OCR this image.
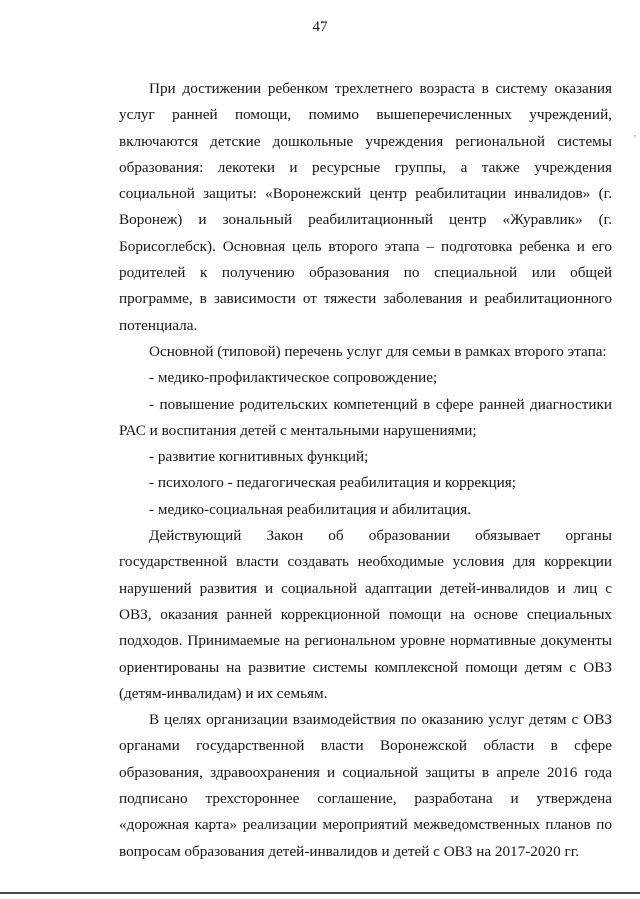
47
,

При достижении ребенком трехлетнего возраста в систему оказания услуг ранней помощи, помимо вышеперечисленных учреждений, включаются детские дошкольные учреждения региональной системы образования: лекотеки и ресурсные группы, а также учреждения социальной защиты: «Воронежский центр реабилитации инвалидов» (г. Воронеж) и зональный реабилитационный центр «Журавлик» (г. Борисоглебск). Основная цель второго этапа – подготовка ребенка и его родителей к получению образования по специальной или общей программе, в зависимости от тяжести заболевания и реабилитационного потенциала.

Основной (типовой) перечень услуг для семьи в рамках второго этапа:

- медико-профилактическое сопровождение;

- повышение родительских компетенций в сфере ранней диагностики РАС и воспитания детей с ментальными нарушениями;

- развитие когнитивных функций;

- психолого - педагогическая реабилитация и коррекция;

- медико-социальная реабилитация и абилитация.

Действующий Закон об образовании обязывает органы государственной власти создавать необходимые условия для коррекции нарушений развития и социальной адаптации детей-инвалидов и лиц с ОВЗ, оказания ранней коррекционной помощи на основе специальных подходов. Принимаемые на региональном уровне нормативные документы ориентированы на развитие системы комплексной помощи детям с ОВЗ (детям-инвалидам) и их семьям.

В целях организации взаимодействия по оказанию услуг детям с ОВЗ органами государственной власти Воронежской области в сфере образования, здравоохранения и социальной защиты в апреле 2016 года подписано трехстороннее соглашение, разработана и утверждена «дорожная карта» реализации мероприятий межведомственных планов по вопросам образования детей-инвалидов и детей с ОВЗ на 2017-2020 гг.
